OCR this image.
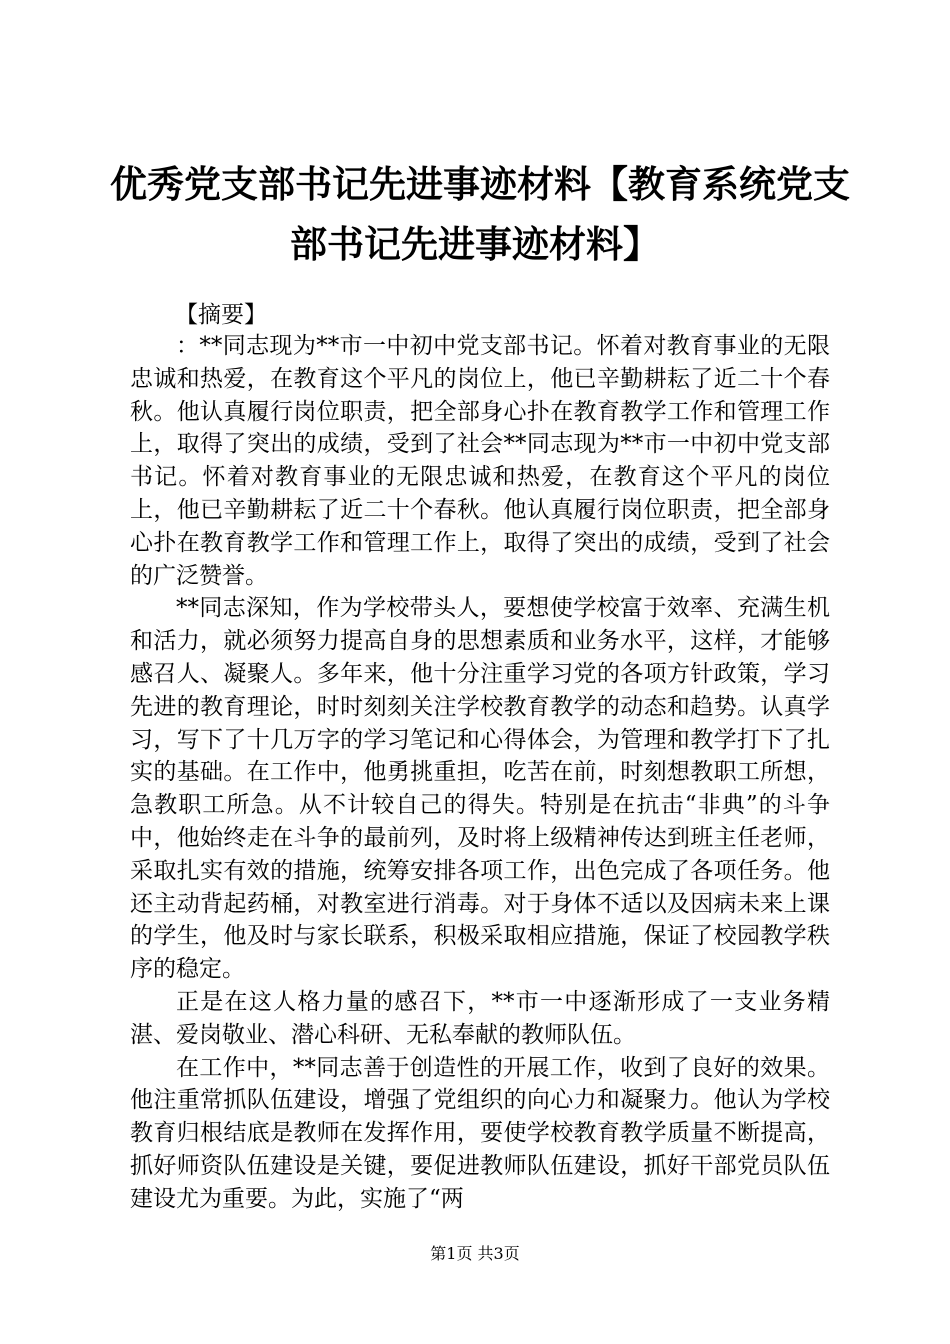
优秀党支部书记先进事迹材料【教育系统党支
部书记先进事迹材料】
【摘要】

：**同志现为**市一中初中党支部书记。怀着对教育事业的无限忠诚和热爱，在教育这个平凡的岗位上，他已辛勤耕耘了近二十个春秋。他认真履行岗位职责，把全部身心扑在教育教学工作和管理工作上，取得了突出的成绩，受到了社会**同志现为**市一中初中党支部书记。怀着对教育事业的无限忠诚和热爱，在教育这个平凡的岗位上，他已辛勤耕耘了近二十个春秋。他认真履行岗位职责，把全部身心扑在教育教学工作和管理工作上，取得了突出的成绩，受到了社会的广泛赞誉。

**同志深知，作为学校带头人，要想使学校富于效率、充满生机和活力，就必须努力提高自身的思想素质和业务水平，这样，才能够感召人、凝聚人。多年来，他十分注重学习党的各项方针政策，学习先进的教育理论，时时刻刻关注学校教育教学的动态和趋势。认真学习，写下了十几万字的学习笔记和心得体会，为管理和教学打下了扎实的基础。在工作中，他勇挑重担，吃苦在前，时刻想教职工所想，急教职工所急。从不计较自己的得失。特别是在抗击“非典”的斗争中，他始终走在斗争的最前列，及时将上级精神传达到班主任老师，采取扎实有效的措施，统筹安排各项工作，出色完成了各项任务。他还主动背起药桶，对教室进行消毒。对于身体不适以及因病未来上课的学生，他及时与家长联系，积极采取相应措施，保证了校园教学秩序的稳定。

正是在这人格力量的感召下，**市一中逐渐形成了一支业务精湛、爱岗敬业、潜心科研、无私奉献的教师队伍。

在工作中，**同志善于创造性的开展工作，收到了良好的效果。他注重常抓队伍建设，增强了党组织的向心力和凝聚力。他认为学校教育归根结底是教师在发挥作用，要使学校教育教学质量不断提高，抓好师资队伍建设是关键，要促进教师队伍建设，抓好干部党员队伍建设尤为重要。为此，实施了“两

第1页 共3页
